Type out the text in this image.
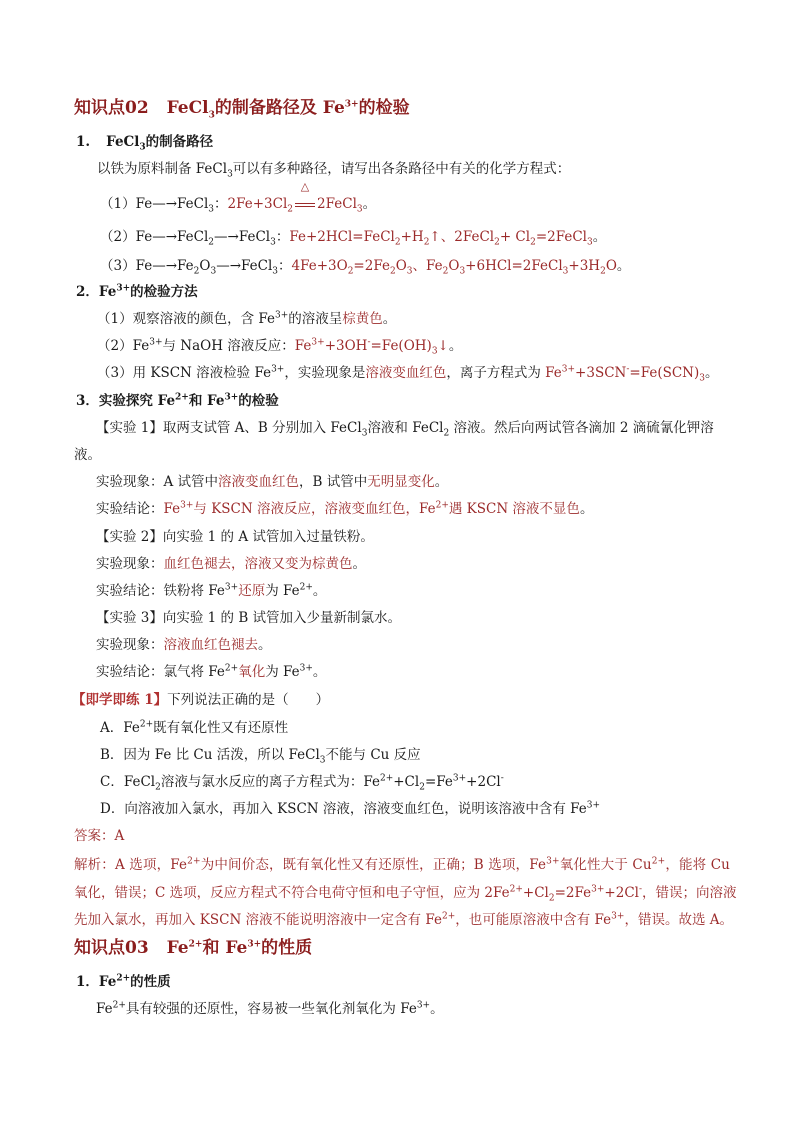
知识点02 FeCl$_3$的制备路径及 $Fe^{3+}$的检验
1. FeCl$_3$的制备路径
以铁为原料制备 FeCl$_3$可以有多种路径，请写出各条路径中有关的化学方程式：
（1）Fe—→FeCl$_3$：$2Fe+3Cl_2$
△
2FeCl$_3$。
（2）Fe—→FeCl$_2$—→FeCl$_3$：$Fe+2HCl=FeCl_2+H_2↑$、2FeCl$_2$+ $Cl_2=2FeCl_3$。
$(3)Fe—\to Fe_2O_3—\to FeCl_3$：$4Fe+3O_2=2Fe_2O_3$、$Fe_2O_3+6HCl=2FeCl_3+3H_2O$。
2．$Fe^{3+}$的检验方法
（1）观察溶液的颜色，含 $Fe^{3+}$的溶液呈棕黄色。
$(2)Fe^{3+}$与 NaOH 溶液反应：$Fe^{3+}+3OH^-=Fe(OH)_3↓$。
（3）用 KSCN 溶液检验 $Fe^{3+}$，实验现象是溶液变血红色，离子方程式为 $Fe^{3+}+3SCN^-=Fe(SCN)_3$。
3．实验探究 $Fe^{2+}$和 $Fe^{3+}$的检验
【实验 1】取两支试管 A、B 分别加入 FeCl$_3$溶液和 FeCl$_2$ 溶液。然后向两试管各滴加 2 滴硫氰化钾溶
液。
实验现象：A 试管中溶液变血红色，B 试管中无明显变化。
实验结论：$Fe^{3+}$与 KSCN 溶液反应，溶液变血红色，$Fe^{2+}$遇 KSCN 溶液不显色。
【实验 2】向实验 1 的 A 试管加入过量铁粉。
实验现象：血红色褪去，溶液又变为棕黄色。
实验结论：铁粉将 $Fe^{3+}$还原为 $Fe^{2+}$。
【实验 3】向实验 1 的 B 试管加入少量新制氯水。
实验现象：溶液血红色褪去。
实验结论：氯气将 $Fe^{2+}$氧化为 $Fe^{3+}$。
【即学即练 1】下列说法正确的是（　　）
A．$Fe^{2+}$既有氧化性又有还原性
B．因为 Fe 比 Cu 活泼，所以 FeCl$_3$不能与 Cu 反应
C．FeCl$_2$溶液与氯水反应的离子方程式为：$Fe^{2+}+Cl_2=Fe^{3+}+2Cl^-$
D．向溶液加入氯水，再加入 KSCN 溶液，溶液变血红色，说明该溶液中含有 $Fe^{3+}$
答案：A
解析：A 选项，$Fe^{2+}$为中间价态，既有氧化性又有还原性，正确；B 选项，$Fe^{3+}$氧化性大于 $Cu^{2+}$，能将 Cu
氧化，错误；C 选项，反应方程式不符合电荷守恒和电子守恒，应为 $2Fe^{2+}+Cl_2=2Fe^{3+}+2Cl^-$，错误；向溶液
先加入氯水，再加入 KSCN 溶液不能说明溶液中一定含有 $Fe^{2+}$，也可能原溶液中含有 $Fe^{3+}$，错误。故选 A。
知识点03 $Fe^{2+}$和 $Fe^{3+}$的性质
1．$Fe^{2+}$的性质
$Fe^{2+}$具有较强的还原性，容易被一些氧化剂氧化为 $Fe^{3+}$。
